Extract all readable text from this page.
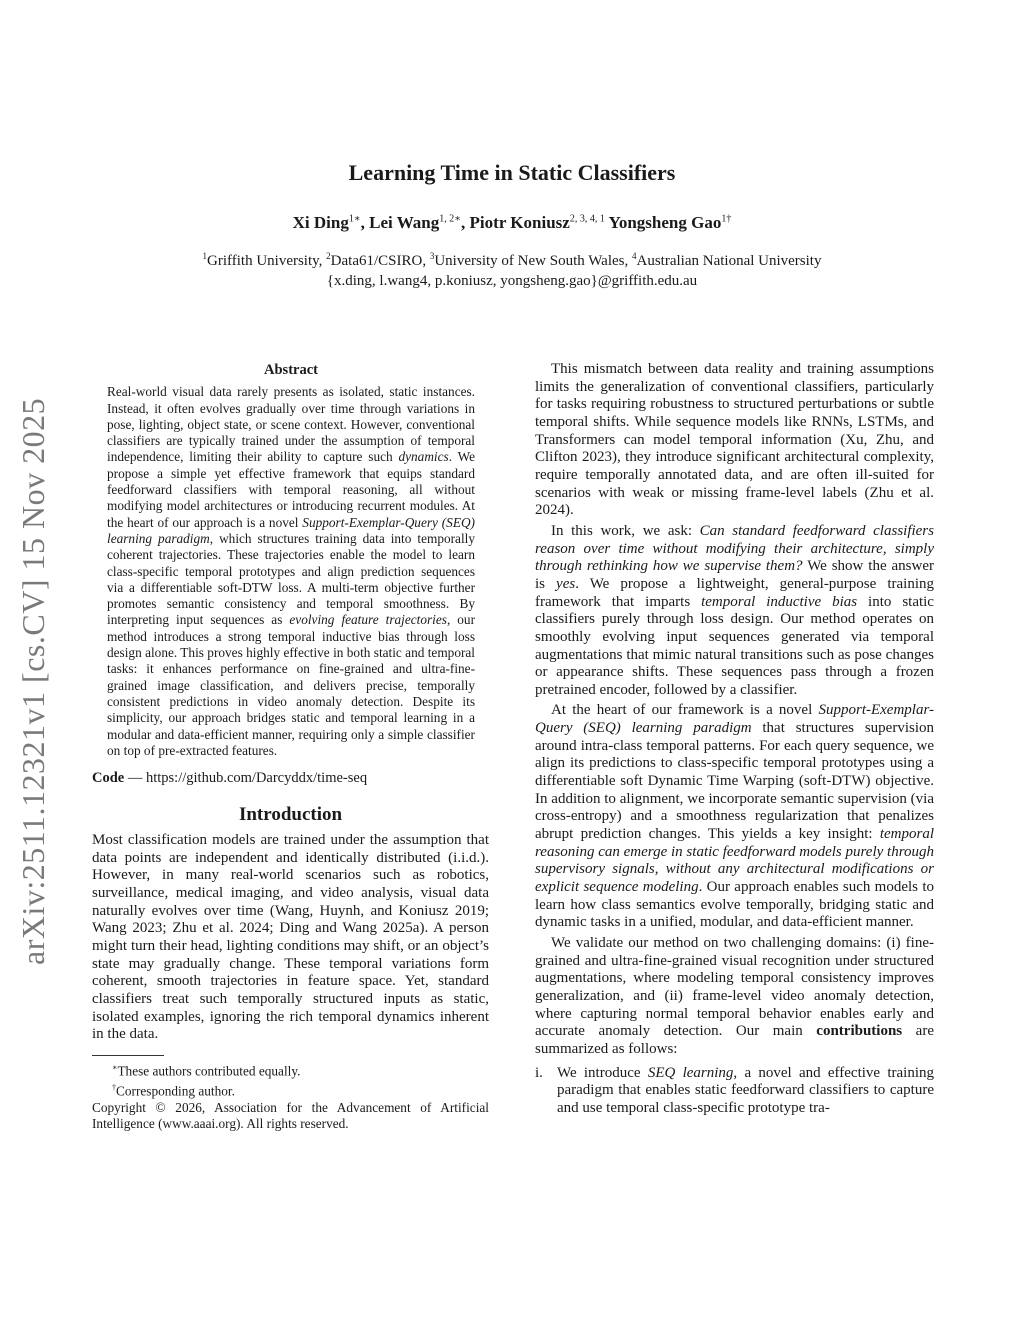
Learning Time in Static Classifiers
Xi Ding$^{1∗}$, Lei Wang$^{1, 2∗}$, Piotr Koniusz$^{2, 3, 4, 1}$ Yongsheng Gao$^{1\dagger}$
$^1$Griffith University, $^2$Data61/CSIRO, $^3$University of New South Wales, $^4$Australian National University
{x.ding, l.wang4, p.koniusz, yongsheng.gao}@griffith.edu.au
arXiv:2511.12321v1 [cs.CV] 15 Nov 2025
Abstract
Real-world visual data rarely presents as isolated, static instances. Instead, it often evolves gradually over time through variations in pose, lighting, object state, or scene context. However, conventional classifiers are typically trained under the assumption of temporal independence, limiting their ability to capture such dynamics. We propose a simple yet effective framework that equips standard feedforward classifiers with temporal reasoning, all without modifying model architectures or introducing recurrent modules. At the heart of our approach is a novel Support-Exemplar-Query (SEQ) learning paradigm, which structures training data into temporally coherent trajectories. These trajectories enable the model to learn class-specific temporal prototypes and align prediction sequences via a differentiable soft-DTW loss. A multi-term objective further promotes semantic consistency and temporal smoothness. By interpreting input sequences as evolving feature trajectories, our method introduces a strong temporal inductive bias through loss design alone. This proves highly effective in both static and temporal tasks: it enhances performance on fine-grained and ultra-fine-grained image classification, and delivers precise, temporally consistent predictions in video anomaly detection. Despite its simplicity, our approach bridges static and temporal learning in a modular and data-efficient manner, requiring only a simple classifier on top of pre-extracted features.
Code — https://github.com/Darcyddx/time-seq
Introduction

Most classification models are trained under the assumption that data points are independent and identically distributed (i.i.d.). However, in many real-world scenarios such as robotics, surveillance, medical imaging, and video analysis, visual data naturally evolves over time (Wang, Huynh, and Koniusz 2019; Wang 2023; Zhu et al. 2024; Ding and Wang 2025a). A person might turn their head, lighting conditions may shift, or an object’s state may gradually change. These temporal variations form coherent, smooth trajectories in feature space. Yet, standard classifiers treat such temporally structured inputs as static, isolated examples, ignoring the rich temporal dynamics inherent in the data.

∗These authors contributed equally.
†Corresponding author.
Copyright © 2026, Association for the Advancement of Artificial Intelligence (www.aaai.org). All rights reserved.

This mismatch between data reality and training assumptions limits the generalization of conventional classifiers, particularly for tasks requiring robustness to structured perturbations or subtle temporal shifts. While sequence models like RNNs, LSTMs, and Transformers can model temporal information (Xu, Zhu, and Clifton 2023), they introduce significant architectural complexity, require temporally annotated data, and are often ill-suited for scenarios with weak or missing frame-level labels (Zhu et al. 2024).

In this work, we ask: Can standard feedforward classifiers reason over time without modifying their architecture, simply through rethinking how we supervise them? We show the answer is yes. We propose a lightweight, general-purpose training framework that imparts temporal inductive bias into static classifiers purely through loss design. Our method operates on smoothly evolving input sequences generated via temporal augmentations that mimic natural transitions such as pose changes or appearance shifts. These sequences pass through a frozen pretrained encoder, followed by a classifier.

At the heart of our framework is a novel Support-Exemplar-Query (SEQ) learning paradigm that structures supervision around intra-class temporal patterns. For each query sequence, we align its predictions to class-specific temporal prototypes using a differentiable soft Dynamic Time Warping (soft-DTW) objective. In addition to alignment, we incorporate semantic supervision (via cross-entropy) and a smoothness regularization that penalizes abrupt prediction changes. This yields a key insight: temporal reasoning can emerge in static feedforward models purely through supervisory signals, without any architectural modifications or explicit sequence modeling. Our approach enables such models to learn how class semantics evolve temporally, bridging static and dynamic tasks in a unified, modular, and data-efficient manner.

We validate our method on two challenging domains: (i) fine-grained and ultra-fine-grained visual recognition under structured augmentations, where modeling temporal consistency improves generalization, and (ii) frame-level video anomaly detection, where capturing normal temporal behavior enables early and accurate anomaly detection. Our main contributions are summarized as follows:

i. We introduce SEQ learning, a novel and effective training paradigm that enables static feedforward classifiers to capture and use temporal class-specific prototype tra-
